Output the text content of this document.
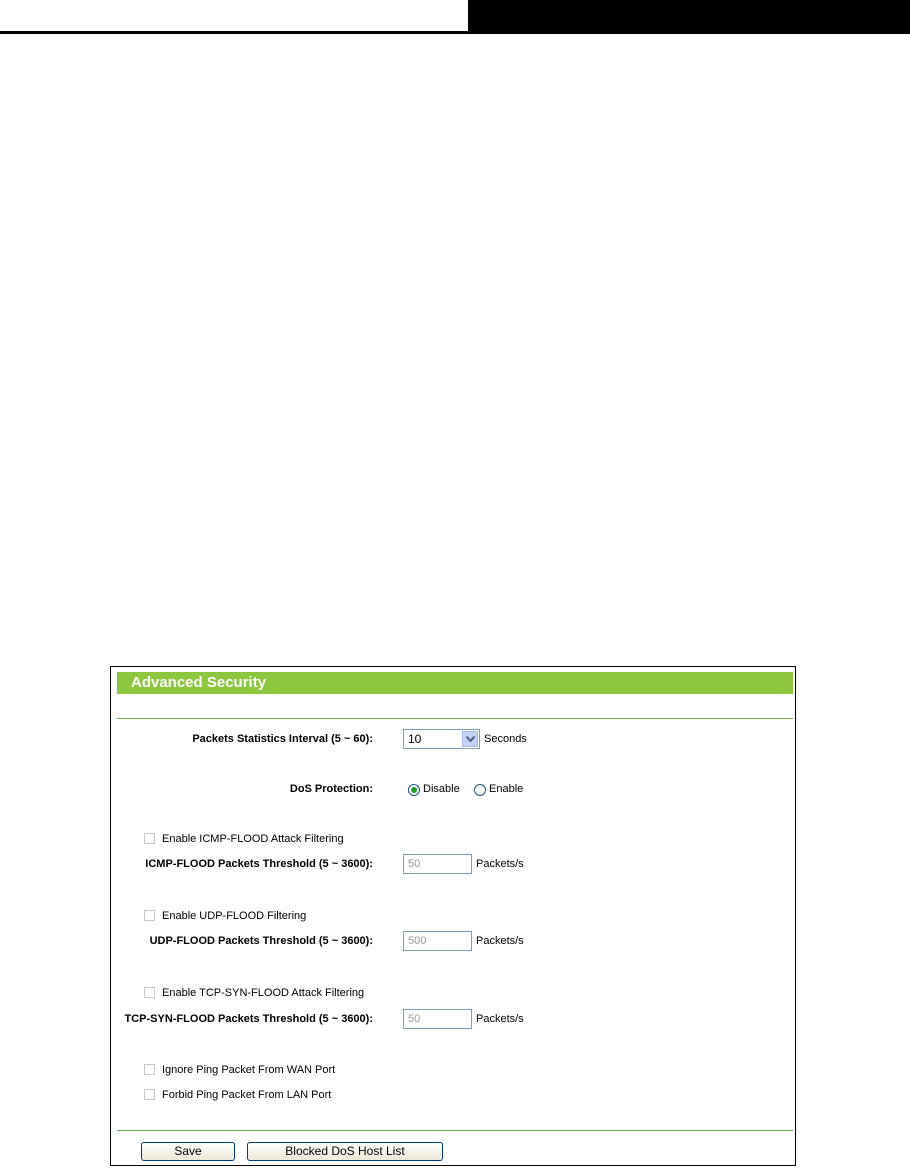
Advanced Security
Packets Statistics Interval (5 ~ 60):	10	Seconds
DoS Protection:	Disable	Enable
Enable ICMP-FLOOD Attack Filtering
ICMP-FLOOD Packets Threshold (5 ~ 3600):
50	Packets/s
Enable UDP-FLOOD Filtering
UDP-FLOOD Packets Threshold (5 ~ 3600):
500	Packets/s
Enable TCP-SYN-FLOOD Attack Filtering
TCP-SYN-FLOOD Packets Threshold (5 ~ 3600):
50	Packets/s
Ignore Ping Packet From WAN Port
Forbid Ping Packet From LAN Port
Save	Blocked DoS Host List
